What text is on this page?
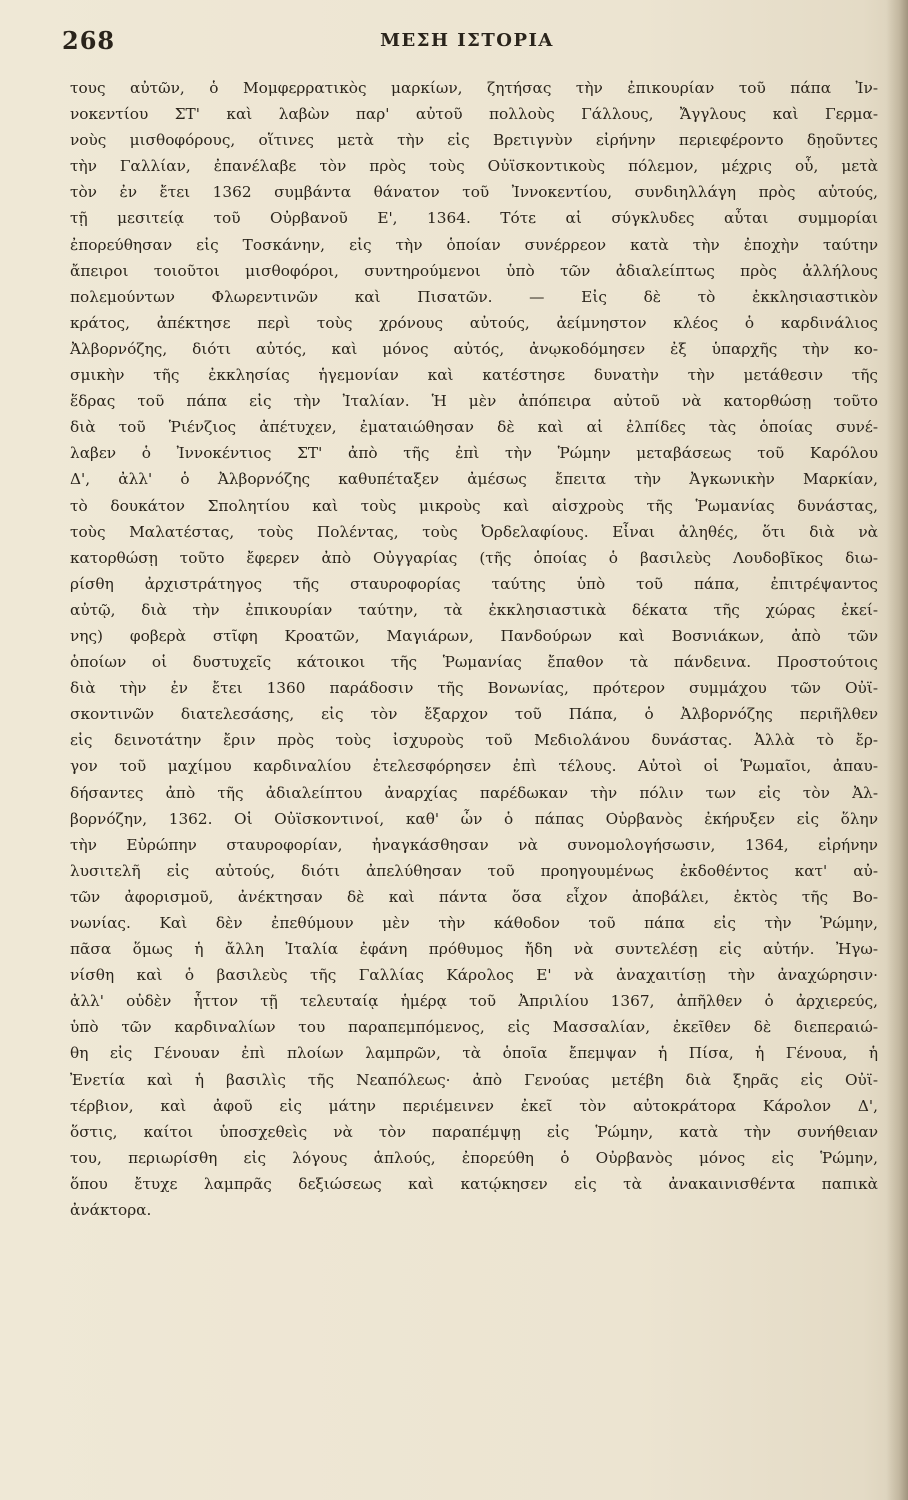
268	ΜΕΣΗ ΙΣΤΟΡΙΑ
τους αὐτῶν, ὁ Μομφερρατικὸς μαρκίων, ζητήσας τὴν ἐπικουρίαν τοῦ πάπα Ἰν-
νοκεντίου ΣΤ' καὶ λαβὼν παρ' αὐτοῦ πολλοὺς Γάλλους, Ἄγγλους καὶ Γερμα-
νοὺς μισθοφόρους, οἵτινες μετὰ τὴν εἰς Βρετιγνὺν εἰρήνην περιεφέροντο δῃοῦντες
τὴν Γαλλίαν, ἐπανέλαβε τὸν πρὸς τοὺς Οὐϊσκοντικοὺς πόλεμον, μέχρις οὗ, μετὰ
τὸν ἐν ἔτει 1362 συμβάντα θάνατον τοῦ Ἰννοκεντίου, συνδιηλλάγη πρὸς αὐτούς,
τῇ μεσιτείᾳ τοῦ Οὐρβανοῦ Ε', 1364. Τότε αἱ σύγκλυδες αὗται συμμορίαι
ἐπορεύθησαν εἰς Τοσκάνην, εἰς τὴν ὁποίαν συνέρρεον κατὰ τὴν ἐποχὴν ταύτην
ἄπειροι τοιοῦτοι μισθοφόροι, συντηρούμενοι ὑπὸ τῶν ἀδιαλείπτως πρὸς ἀλλήλους
πολεμούντων Φλωρεντινῶν καὶ Πισατῶν. — Εἰς δὲ τὸ ἐκκλησιαστικὸν
κράτος, ἀπέκτησε περὶ τοὺς χρόνους αὐτούς, ἀείμνηστον κλέος ὁ καρδινάλιος
Ἀλβορνόζης, διότι αὐτός, καὶ μόνος αὐτός, ἀνῳκοδόμησεν ἐξ ὑπαρχῆς τὴν κο-
σμικὴν τῆς ἐκκλησίας ἡγεμονίαν καὶ κατέστησε δυνατὴν τὴν μετάθεσιν τῆς
ἕδρας τοῦ πάπα εἰς τὴν Ἰταλίαν. Ἡ μὲν ἀπόπειρα αὐτοῦ νὰ κατορθώσῃ τοῦτο
διὰ τοῦ Ῥιένζιος ἀπέτυχεν, ἐματαιώθησαν δὲ καὶ αἱ ἐλπίδες τὰς ὁποίας συνέ-
λαβεν ὁ Ἰννοκέντιος ΣΤ' ἀπὸ τῆς ἐπὶ τὴν Ῥώμην μεταβάσεως τοῦ Καρόλου
Δ', ἀλλ' ὁ Ἀλβορνόζης καθυπέταξεν ἀμέσως ἔπειτα τὴν Ἀγκωνικὴν Μαρκίαν,
τὸ δουκάτον Σπολητίου καὶ τοὺς μικροὺς καὶ αἰσχροὺς τῆς Ῥωμανίας δυνάστας,
τοὺς Μαλατέστας, τοὺς Πολέντας, τοὺς Ὀρδελαφίους. Εἶναι ἀληθές, ὅτι διὰ νὰ
κατορθώσῃ τοῦτο ἔφερεν ἀπὸ Οὐγγαρίας (τῆς ὁποίας ὁ βασιλεὺς Λουδοβῖκος διω-
ρίσθη ἀρχιστράτηγος τῆς σταυροφορίας ταύτης ὑπὸ τοῦ πάπα, ἐπιτρέψαντος
αὐτῷ, διὰ τὴν ἐπικουρίαν ταύτην, τὰ ἐκκλησιαστικὰ δέκατα τῆς χώρας ἐκεί-
νης) φοβερὰ στῖφη Κροατῶν, Μαγιάρων, Πανδούρων καὶ Βοσνιάκων, ἀπὸ τῶν
ὁποίων οἱ δυστυχεῖς κάτοικοι τῆς Ῥωμανίας ἔπαθον τὰ πάνδεινα. Προστούτοις
διὰ τὴν ἐν ἔτει 1360 παράδοσιν τῆς Βονωνίας, πρότερον συμμάχου τῶν Οὐϊ-
σκοντινῶν διατελεσάσης, εἰς τὸν ἔξαρχον τοῦ Πάπα, ὁ Ἀλβορνόζης περιῆλθεν
εἰς δεινοτάτην ἔριν πρὸς τοὺς ἰσχυροὺς τοῦ Μεδιολάνου δυνάστας. Ἀλλὰ τὸ ἔρ-
γον τοῦ μαχίμου καρδιναλίου ἐτελεσφόρησεν ἐπὶ τέλους. Αὐτοὶ οἱ Ῥωμαῖοι, ἀπαυ-
δήσαντες ἀπὸ τῆς ἀδιαλείπτου ἀναρχίας παρέδωκαν τὴν πόλιν των εἰς τὸν Ἀλ-
βορνόζην, 1362. Οἱ Οὐϊσκοντινοί, καθ' ὧν ὁ πάπας Οὐρβανὸς ἐκήρυξεν εἰς ὅλην
τὴν Εὐρώπην σταυροφορίαν, ἠναγκάσθησαν νὰ συνομολογήσωσιν, 1364, εἰρήνην
λυσιτελῆ εἰς αὐτούς, διότι ἀπελύθησαν τοῦ προηγουμένως ἐκδοθέντος κατ' αὐ-
τῶν ἀφορισμοῦ, ἀνέκτησαν δὲ καὶ πάντα ὅσα εἶχον ἀποβάλει, ἐκτὸς τῆς Βο-
νωνίας. Καὶ δὲν ἐπεθύμουν μὲν τὴν κάθοδον τοῦ πάπα εἰς τὴν Ῥώμην,
πᾶσα ὅμως ἡ ἄλλη Ἰταλία ἐφάνη πρόθυμος ἤδη νὰ συντελέσῃ εἰς αὐτήν. Ἠγω-
νίσθη καὶ ὁ βασιλεὺς τῆς Γαλλίας Κάρολος Ε' νὰ ἀναχαιτίσῃ τὴν ἀναχώρησιν·
ἀλλ' οὐδὲν ἧττον τῇ τελευταίᾳ ἡμέρᾳ τοῦ Ἀπριλίου 1367, ἀπῆλθεν ὁ ἀρχιερεύς,
ὑπὸ τῶν καρδιναλίων του παραπεμπόμενος, εἰς Μασσαλίαν, ἐκεῖθεν δὲ διεπεραιώ-
θη εἰς Γένουαν ἐπὶ πλοίων λαμπρῶν, τὰ ὁποῖα ἔπεμψαν ἡ Πίσα, ἡ Γένουα, ἡ
Ἐνετία καὶ ἡ βασιλὶς τῆς Νεαπόλεως· ἀπὸ Γενούας μετέβη διὰ ξηρᾶς εἰς Οὐϊ-
τέρβιον, καὶ ἀφοῦ εἰς μάτην περιέμεινεν ἐκεῖ τὸν αὐτοκράτορα Κάρολον Δ',
ὅστις, καίτοι ὑποσχεθεὶς νὰ τὸν παραπέμψῃ εἰς Ῥώμην, κατὰ τὴν συνήθειαν
του, περιωρίσθη εἰς λόγους ἁπλούς, ἐπορεύθη ὁ Οὐρβανὸς μόνος εἰς Ῥώμην,
ὅπου ἔτυχε λαμπρᾶς δεξιώσεως καὶ κατῴκησεν εἰς τὰ ἀνακαινισθέντα παπικὰ
ἀνάκτορα.
